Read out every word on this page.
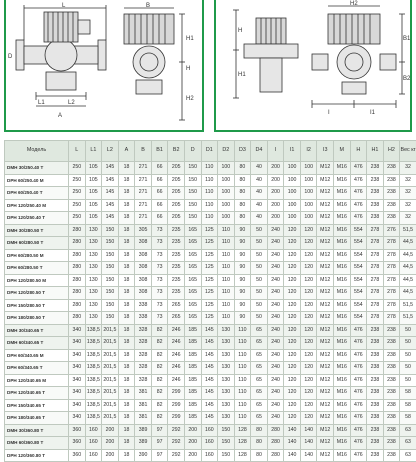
L
L1	L2
H
H1
H2
D
A
B
H
H1
H2
I	I1
B1
B2
Модель	L	L1	L2	A	B	B1	B2	D	D1	D2	D3	D4	I	I1	I2	I3	M	H	H1	H2	Вес кг
DMH 30/250.40 T	250	105	145	18	271	66	205	150	110	100	80	40	200	100	100	M12	M16	476	238	238	32
DPH 60/250.40 M	250	105	145	18	271	66	205	150	110	100	80	40	200	100	100	M12	M16	476	238	238	32
DPH 60/250.40 T	250	105	145	18	271	66	205	150	110	100	80	40	200	100	100	M12	M16	476	238	238	32
DPH 120/250.40 M	250	105	145	18	271	66	205	150	110	100	80	40	200	100	100	M12	M16	476	238	238	32
DPH 120/250.40 T	250	105	145	18	271	66	205	150	110	100	80	40	200	100	100	M12	M16	476	238	238	32
DMH 30/280.50 T	280	130	150	18	305	73	235	165	125	110	90	50	240	120	120	M12	M16	554	278	276	51,5
DMH 60/280.50 T	280	130	150	18	308	73	235	165	125	110	90	50	240	120	120	M12	M16	554	278	278	44,5
DPH 60/280.50 M	280	130	150	18	308	73	235	165	125	110	90	50	240	120	120	M12	M16	554	278	278	44,5
DPH 60/280.50 T	280	130	150	18	308	73	235	165	125	110	90	50	240	120	120	M12	M16	554	278	278	44,5
DPH 120/280.50 M	280	130	150	18	308	73	235	165	125	110	90	50	240	120	120	M12	M16	554	278	278	44,5
DPH 120/280.50 T	280	130	150	18	308	73	235	165	125	110	90	50	240	120	120	M12	M16	554	278	278	44,5
DPH 150/280.50 T	280	130	150	18	338	73	265	165	125	110	90	50	240	120	120	M12	M16	554	278	278	51,5
DPH 180/280.50 T	280	130	150	18	338	73	265	165	125	110	90	50	240	120	120	M12	M16	554	278	278	51,5
DMH 30/340.65 T	340	138,5	201,5	18	328	82	246	185	145	130	110	65	240	120	120	M12	M16	476	238	238	50
DMH 60/340.65 T	340	138,5	201,5	18	328	82	246	185	145	130	110	65	240	120	120	M12	M16	476	238	238	50
DPH 60/340.65 M	340	138,5	201,5	18	328	82	246	185	145	130	110	65	240	120	120	M12	M16	476	238	238	50
DPH 60/340.65 T	340	138,5	201,5	18	328	82	246	185	145	130	110	65	240	120	120	M12	M16	476	238	238	50
DPH 120/340.65 M	340	138,5	201,5	18	328	82	246	185	145	130	110	65	240	120	120	M12	M16	476	238	238	50
DPH 120/340.65 T	340	138,5	201,5	18	381	82	299	185	145	130	110	65	240	120	120	M12	M16	476	238	238	58
DPH 150/340.65 T	340	138,5	201,5	18	381	82	299	185	145	130	110	65	240	120	120	M12	M16	476	238	238	58
DPH 180/340.65 T	340	138,5	201,5	18	381	82	299	185	145	130	110	65	240	120	120	M12	M16	476	238	238	58
DMH 30/360.80 T	360	160	200	18	389	97	292	200	160	150	128	80	280	140	140	M12	M16	476	238	238	63
DMH 60/360.80 T	360	160	200	18	389	97	292	200	160	150	128	80	280	140	140	M12	M16	476	238	238	63
DPH 120/360.80 T	360	160	200	18	390	97	292	200	160	150	128	80	280	140	140	M12	M16	476	238	238	63
